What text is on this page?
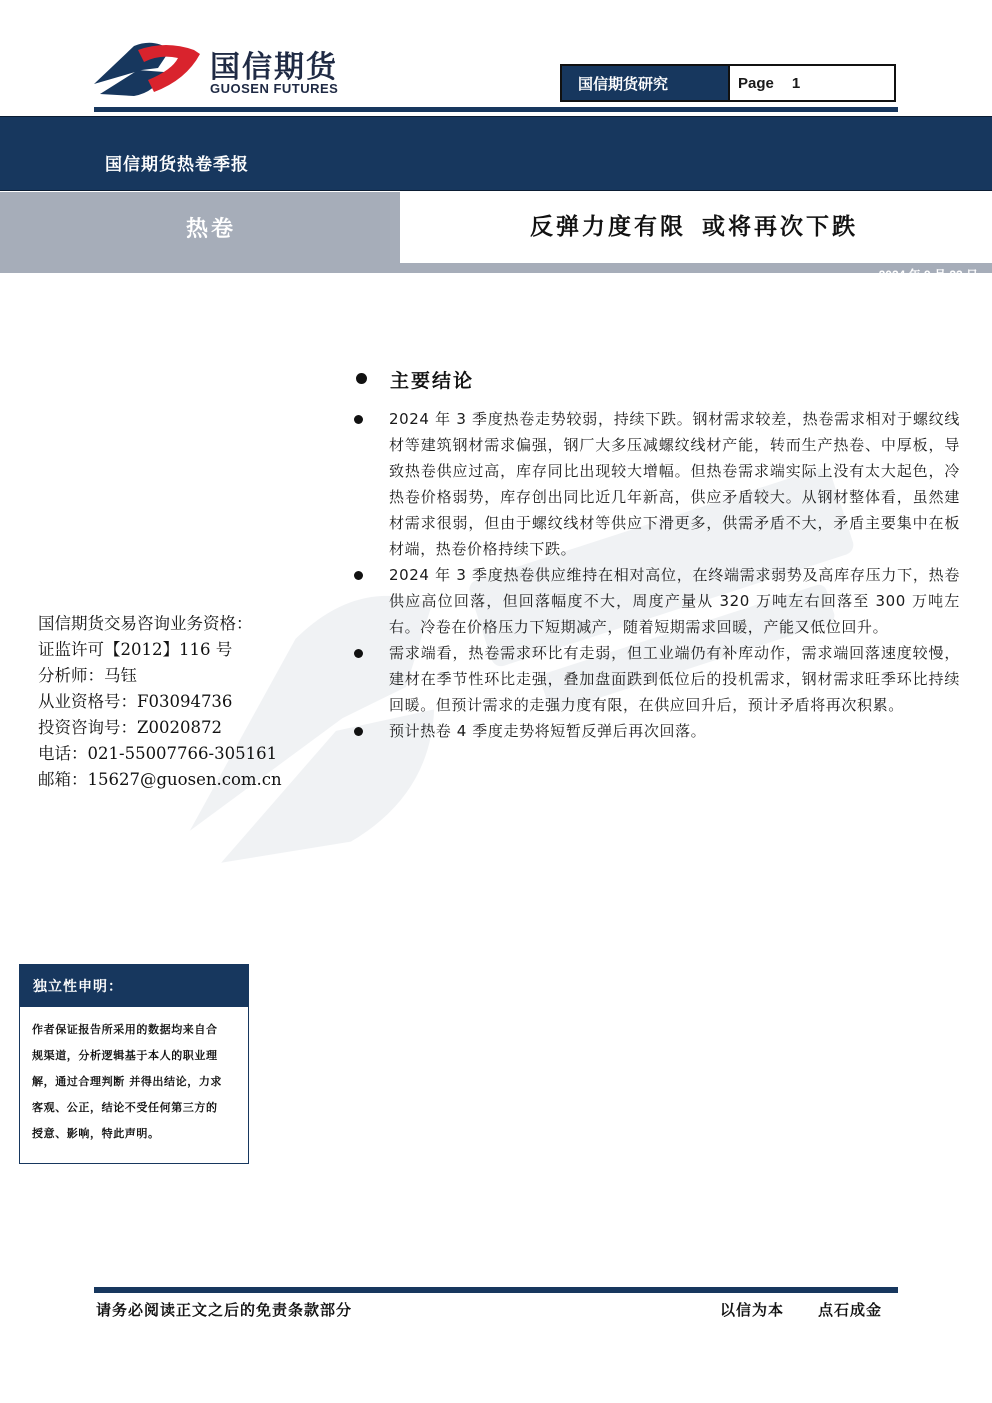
国信期货
GUOSEN FUTURES	国信期货研究	Page 1
国信期货热卷季报
热卷	反弹力度有限 或将再次下跌
2024 年 9 月 22 日
主要结论
2024 年 3 季度热卷走势较弱，持续下跌。钢材需求较差，热卷需求相对于螺纹线材等建筑钢材需求偏强，钢厂大多压减螺纹线材产能，转而生产热卷、中厚板，导致热卷供应过高，库存同比出现较大增幅。但热卷需求端实际上没有太大起色，冷热卷价格弱势，库存创出同比近几年新高，供应矛盾较大。从钢材整体看，虽然建材需求很弱，但由于螺纹线材等供应下滑更多，供需矛盾不大，矛盾主要集中在板材端，热卷价格持续下跌。
2024 年 3 季度热卷供应维持在相对高位，在终端需求弱势及高库存压力下，热卷供应高位回落，但回落幅度不大，周度产量从 320 万吨左右回落至 300 万吨左右。冷卷在价格压力下短期减产，随着短期需求回暖，产能又低位回升。
需求端看，热卷需求环比有走弱，但工业端仍有补库动作，需求端回落速度较慢，建材在季节性环比走强，叠加盘面跌到低位后的投机需求，钢材需求旺季环比持续回暖。但预计需求的走强力度有限，在供应回升后，预计矛盾将再次积累。
预计热卷 4 季度走势将短暂反弹后再次回落。
国信期货交易咨询业务资格：
证监许可【2012】116 号
分析师：马钰
从业资格号：F03094736
投资咨询号：Z0020872
电话：021-55007766-305161
邮箱：15627@guosen.com.cn
独立性申明：
作者保证报告所采用的数据均来自合
规渠道，分析逻辑基于本人的职业理
解，通过合理判断 并得出结论，力求
客观、公正，结论不受任何第三方的
授意、影响，特此声明。
请务必阅读正文之后的免责条款部分	以信为本 点石成金
